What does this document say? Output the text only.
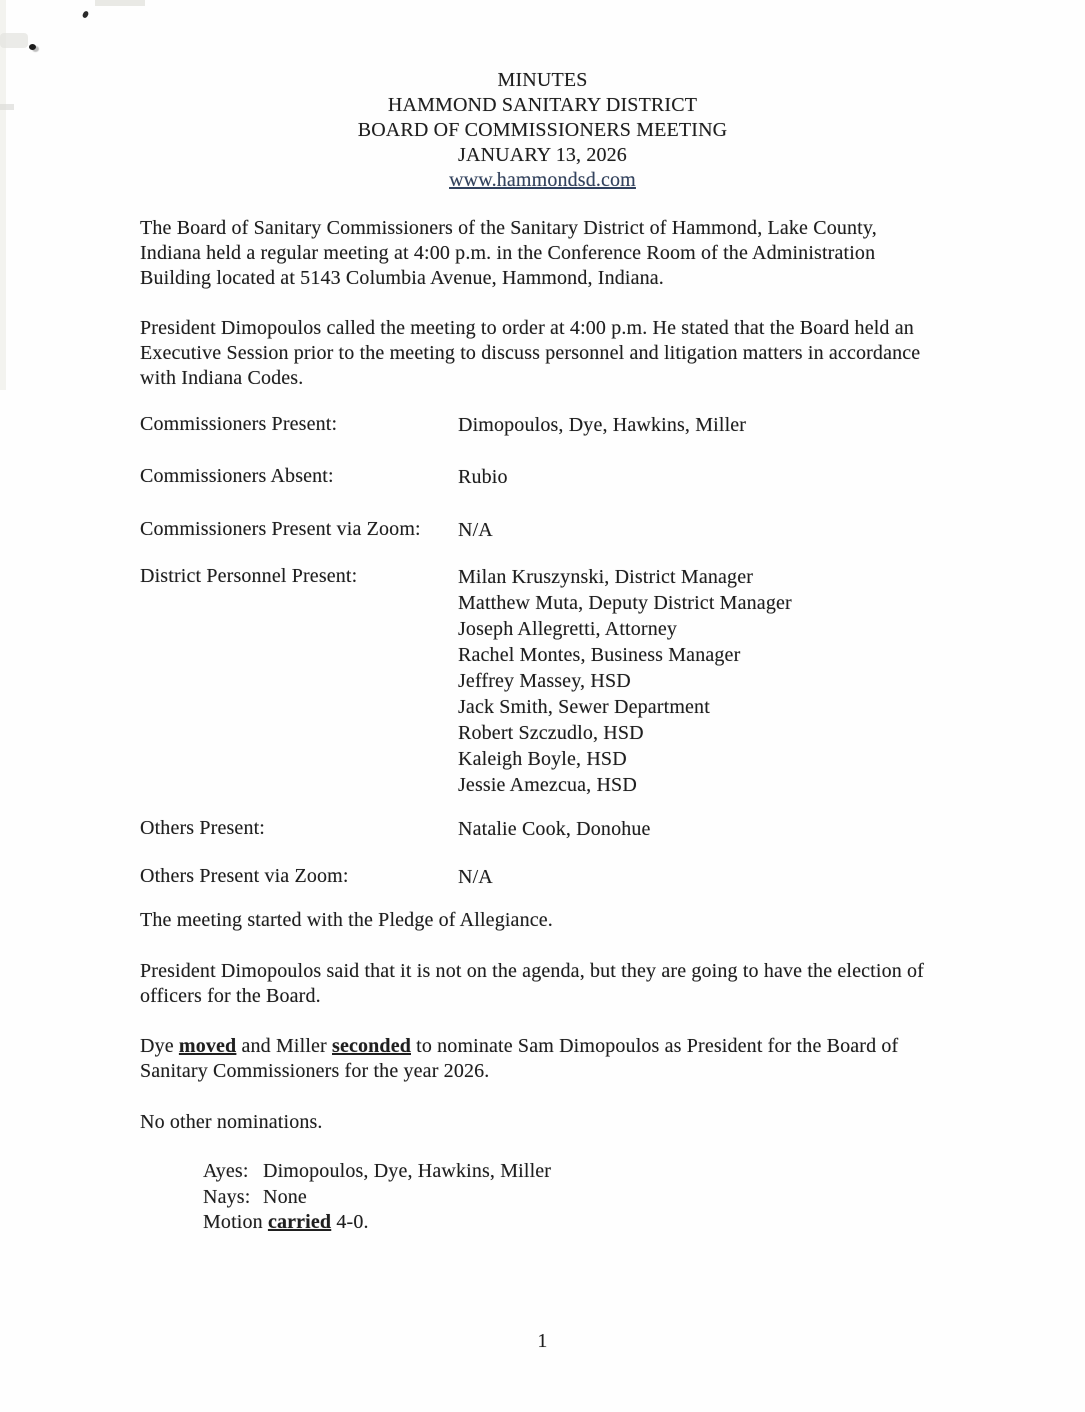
MINUTES
HAMMOND SANITARY DISTRICT
BOARD OF COMMISSIONERS MEETING
JANUARY 13, 2026
www.hammondsd.com
The Board of Sanitary Commissioners of the Sanitary District of Hammond, Lake County,
Indiana held a regular meeting at 4:00 p.m. in the Conference Room of the Administration
Building located at 5143 Columbia Avenue, Hammond, Indiana.
President Dimopoulos called the meeting to order at 4:00 p.m. He stated that the Board held an
Executive Session prior to the meeting to discuss personnel and litigation matters in accordance
with Indiana Codes.
Commissioners Present:	Dimopoulos, Dye, Hawkins, Miller
Commissioners Absent:	Rubio
Commissioners Present via Zoom: N/A
District Personnel Present:	Milan Kruszynski, District Manager
Matthew Muta, Deputy District Manager
Joseph Allegretti, Attorney
Rachel Montes, Business Manager
Jeffrey Massey, HSD
Jack Smith, Sewer Department
Robert Szczudlo, HSD
Kaleigh Boyle, HSD
Jessie Amezcua, HSD
Others Present:	Natalie Cook, Donohue
Others Present via Zoom:	N/A
The meeting started with the Pledge of Allegiance.
President Dimopoulos said that it is not on the agenda, but they are going to have the election of
officers for the Board.
Dye moved and Miller seconded to nominate Sam Dimopoulos as President for the Board of
Sanitary Commissioners for the year 2026.
No other nominations.
Ayes: Dimopoulos, Dye, Hawkins, Miller
Nays: None
Motion carried 4-0.
1
